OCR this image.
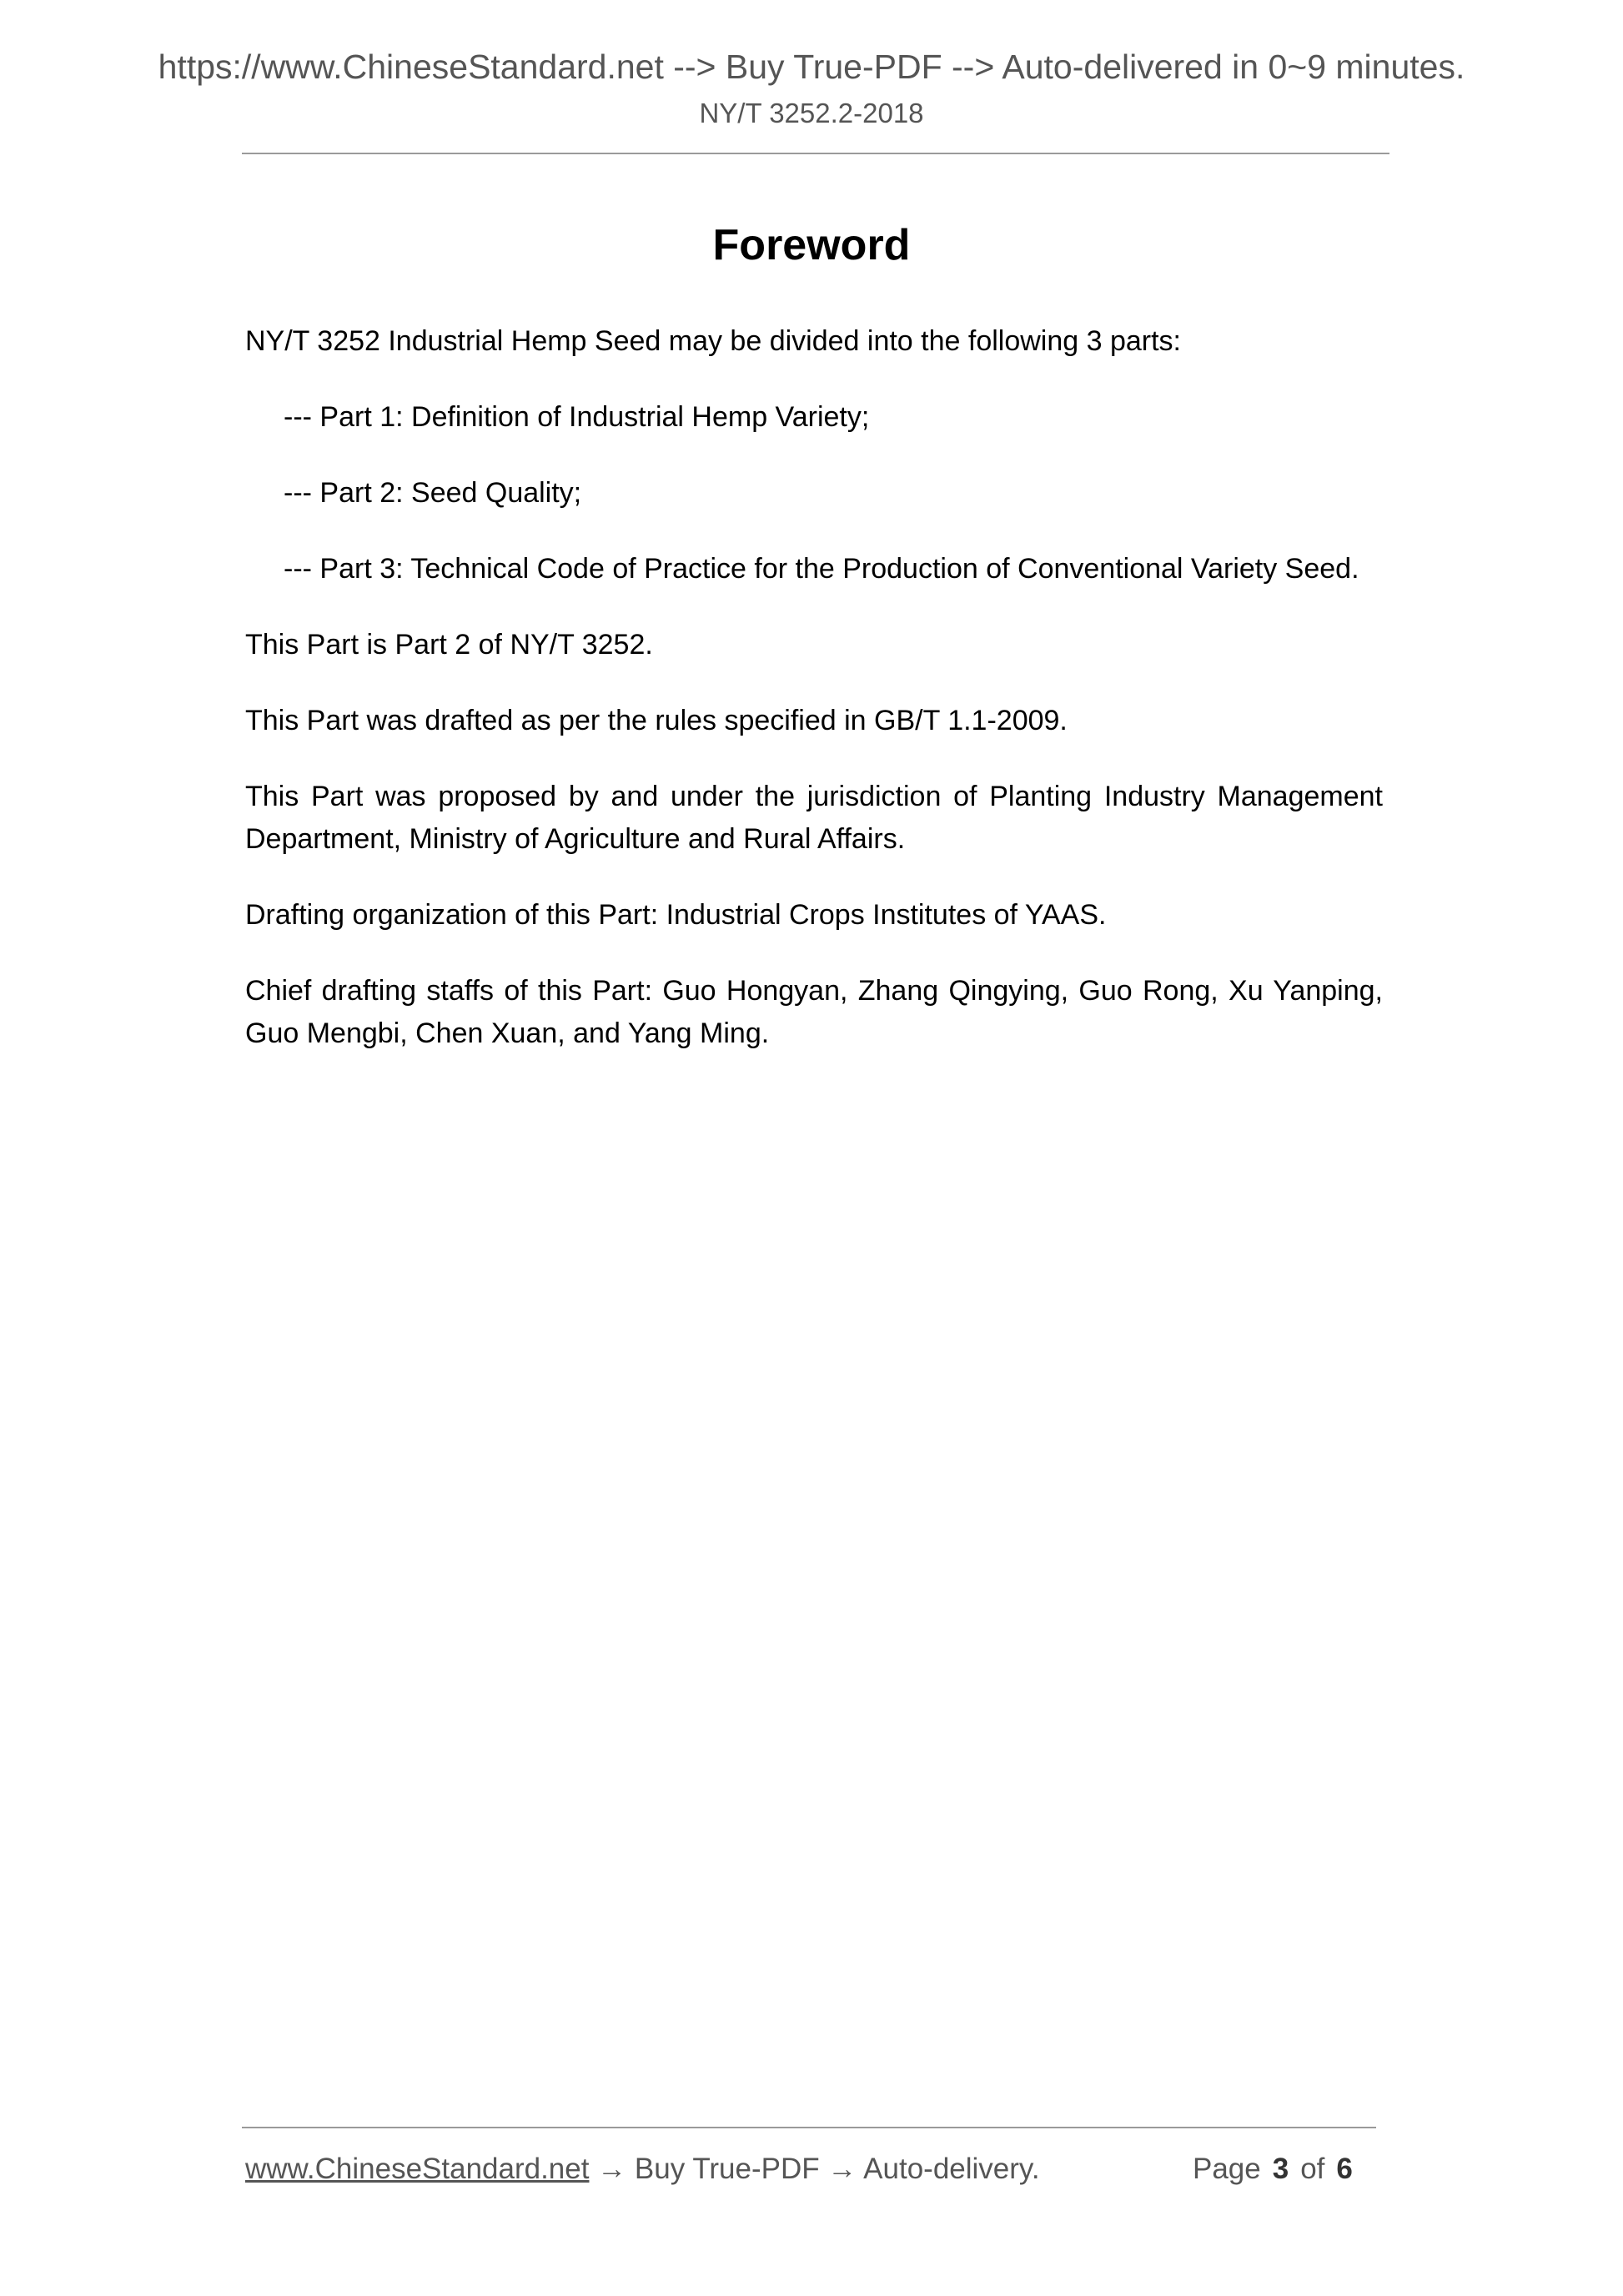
https://www.ChineseStandard.net --> Buy True-PDF --> Auto-delivered in 0~9 minutes.
NY/T 3252.2-2018
Foreword

NY/T 3252 Industrial Hemp Seed may be divided into the following 3 parts:

--- Part 1: Definition of Industrial Hemp Variety;

--- Part 2: Seed Quality;

--- Part 3: Technical Code of Practice for the Production of Conventional Variety Seed.

This Part is Part 2 of NY/T 3252.

This Part was drafted as per the rules specified in GB/T 1.1-2009.

This Part was proposed by and under the jurisdiction of Planting Industry Management Department, Ministry of Agriculture and Rural Affairs.

Drafting organization of this Part: Industrial Crops Institutes of YAAS.

Chief drafting staffs of this Part: Guo Hongyan, Zhang Qingying, Guo Rong, Xu Yanping, Guo Mengbi, Chen Xuan, and Yang Ming.

www.ChineseStandard.net → Buy True-PDF → Auto-delivery.	Page 3 of 6
